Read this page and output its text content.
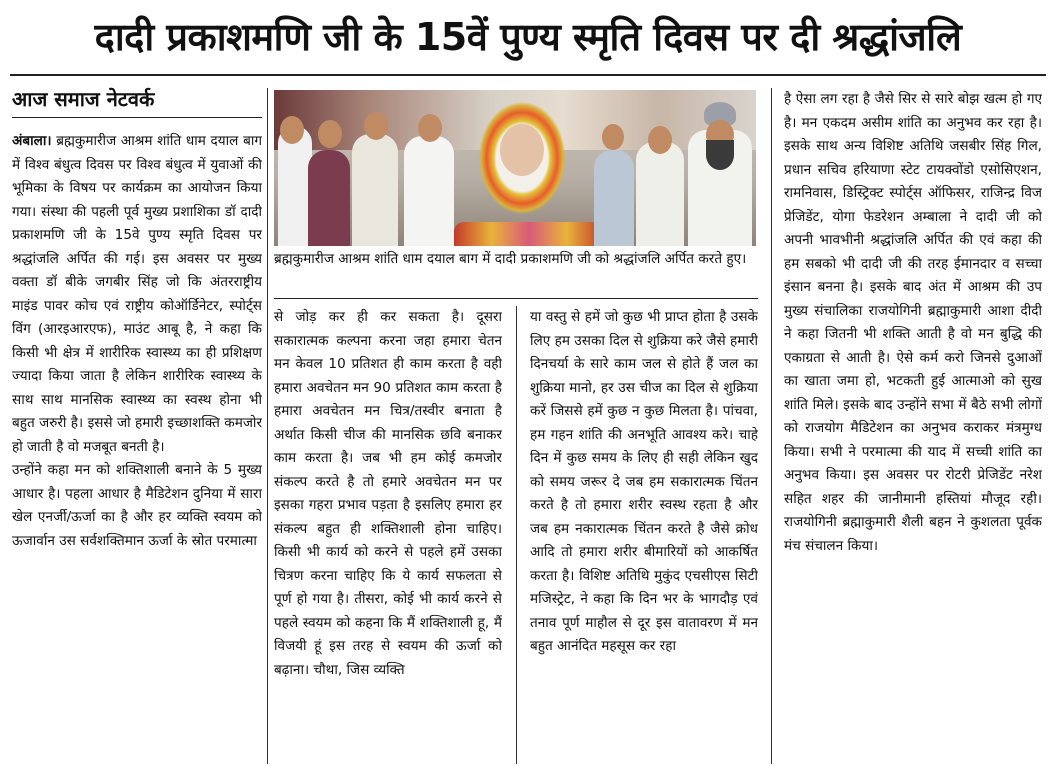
दादी प्रकाशमणि जी के 15वें पुण्य स्मृति दिवस पर दी श्रद्धांजलि

आज समाज नेटवर्क

अंबाला। ब्रह्मकुमारीज आश्रम शांति धाम दयाल बाग में विश्व बंधुत्व दिवस पर विश्व बंधुत्व में युवाओं की भूमिका के विषय पर कार्यक्रम का आयोजन किया गया। संस्था की पहली पूर्व मुख्य प्रशाशिका डॉ दादी प्रकाशमणि जी के 15वे पुण्य स्मृति दिवस पर श्रद्धांजलि अर्पित की गई। इस अवसर पर मुख्य वक्ता डॉ बीके जगबीर सिंह जो कि अंतरराष्ट्रीय माइंड पावर कोच एवं राष्ट्रीय कोऑर्डिनेटर, स्पोर्ट्स विंग (आरइआरएफ), माउंट आबू है, ने कहा कि किसी भी क्षेत्र में शारीरिक स्वास्थ्य का ही प्रशिक्षण ज्यादा किया जाता है लेकिन शारीरिक स्वास्थ्य के साथ साथ मानसिक स्वास्थ्य का स्वस्थ होना भी बहुत जरुरी है। इससे जो हमारी इच्छाशक्ति कमजोर हो जाती है वो मजबूत बनती है।

उन्होंने कहा मन को शक्तिशाली बनाने के 5 मुख्य आधार है। पहला आधार है मैडिटेशन दुनिया में सारा खेल एनर्जी/ऊर्जा का है और हर व्यक्ति स्वयम को ऊजार्वान उस सर्वशक्तिमान ऊर्जा के स्रोत परमात्मा

ब्रह्मकुमारीज आश्रम शांति धाम दयाल बाग में दादी प्रकाशमणि जी को श्रद्धांजलि अर्पित करते हुए।

से जोड़ कर ही कर सकता है। दूसरा सकारात्मक कल्पना करना जहा हमारा चेतन मन केवल 10 प्रतिशत ही काम करता है वही हमारा अवचेतन मन 90 प्रतिशत काम करता है हमारा अवचेतन मन चित्र/तस्वीर बनाता है अर्थात किसी चीज की मानसिक छवि बनाकर काम करता है। जब भी हम कोई कमजोर संकल्प करते है तो हमारे अवचेतन मन पर इसका गहरा प्रभाव पड़ता है इसलिए हमारा हर संकल्प बहुत ही शक्तिशाली होना चाहिए। किसी भी कार्य को करने से पहले हमें उसका चित्रण करना चाहिए कि ये कार्य सफलता से पूर्ण हो गया है। तीसरा, कोई भी कार्य करने से पहले स्वयम को कहना कि मैं शक्तिशाली हू, मैं विजयी हूं इस तरह से स्वयम की ऊर्जा को बढ़ाना। चौथा, जिस व्यक्ति

या वस्तु से हमें जो कुछ भी प्राप्त होता है उसके लिए हम उसका दिल से शुक्रिया करे जैसे हमारी दिनचर्या के सारे काम जल से होते हैं जल का शुक्रिया मानो, हर उस चीज का दिल से शुक्रिया करें जिससे हमें कुछ न कुछ मिलता है। पांचवा, हम गहन शांति की अनभूति आवश्य करे। चाहे दिन में कुछ समय के लिए ही सही लेकिन खुद को समय जरूर दे जब हम सकारात्मक चिंतन करते है तो हमारा शरीर स्वस्थ रहता है और जब हम नकारात्मक चिंतन करते है जैसे क्रोध आदि तो हमारा शरीर बीमारियों को आकर्षित करता है। विशिष्ट अतिथि मुकुंद एचसीएस सिटी मजिस्ट्रेट, ने कहा कि दिन भर के भागदौड़ एवं तनाव पूर्ण माहौल से दूर इस वातावरण में मन बहुत आनंदित महसूस कर रहा

है ऐसा लग रहा है जैसे सिर से सारे बोझ खत्म हो गए है। मन एकदम असीम शांति का अनुभव कर रहा है। इसके साथ अन्य विशिष्ट अतिथि जसबीर सिंह गिल, प्रधान सचिव हरियाणा स्टेट टायक्वोंडो एसोसिएशन, रामनिवास, डिस्ट्रिक्ट स्पोर्ट्स ऑफिसर, राजिन्द्र विज प्रेजिडेंट, योगा फेडरेशन अम्बाला ने दादी जी को अपनी भावभीनी श्रद्धांजलि अर्पित की एवं कहा की हम सबको भी दादी जी की तरह ईमानदार व सच्चा इंसान बनना है। इसके बाद अंत में आश्रम की उप मुख्य संचालिका राजयोगिनी ब्रह्माकुमारी आशा दीदी ने कहा जितनी भी शक्ति आती है वो मन बुद्धि की एकाग्रता से आती है। ऐसे कर्म करो जिनसे दुआओं का खाता जमा हो, भटकती हुई आत्माओ को सुख शांति मिले। इसके बाद उन्होंने सभा में बैठे सभी लोगों को राजयोग मैडिटेशन का अनुभव कराकर मंत्रमुग्ध किया। सभी ने परमात्मा की याद में सच्ची शांति का अनुभव किया। इस अवसर पर रोटरी प्रेजिडेंट नरेश सहित शहर की जानीमानी हस्तियां मौजूद रही। राजयोगिनी ब्रह्माकुमारी शैली बहन ने कुशलता पूर्वक मंच संचालन किया।
